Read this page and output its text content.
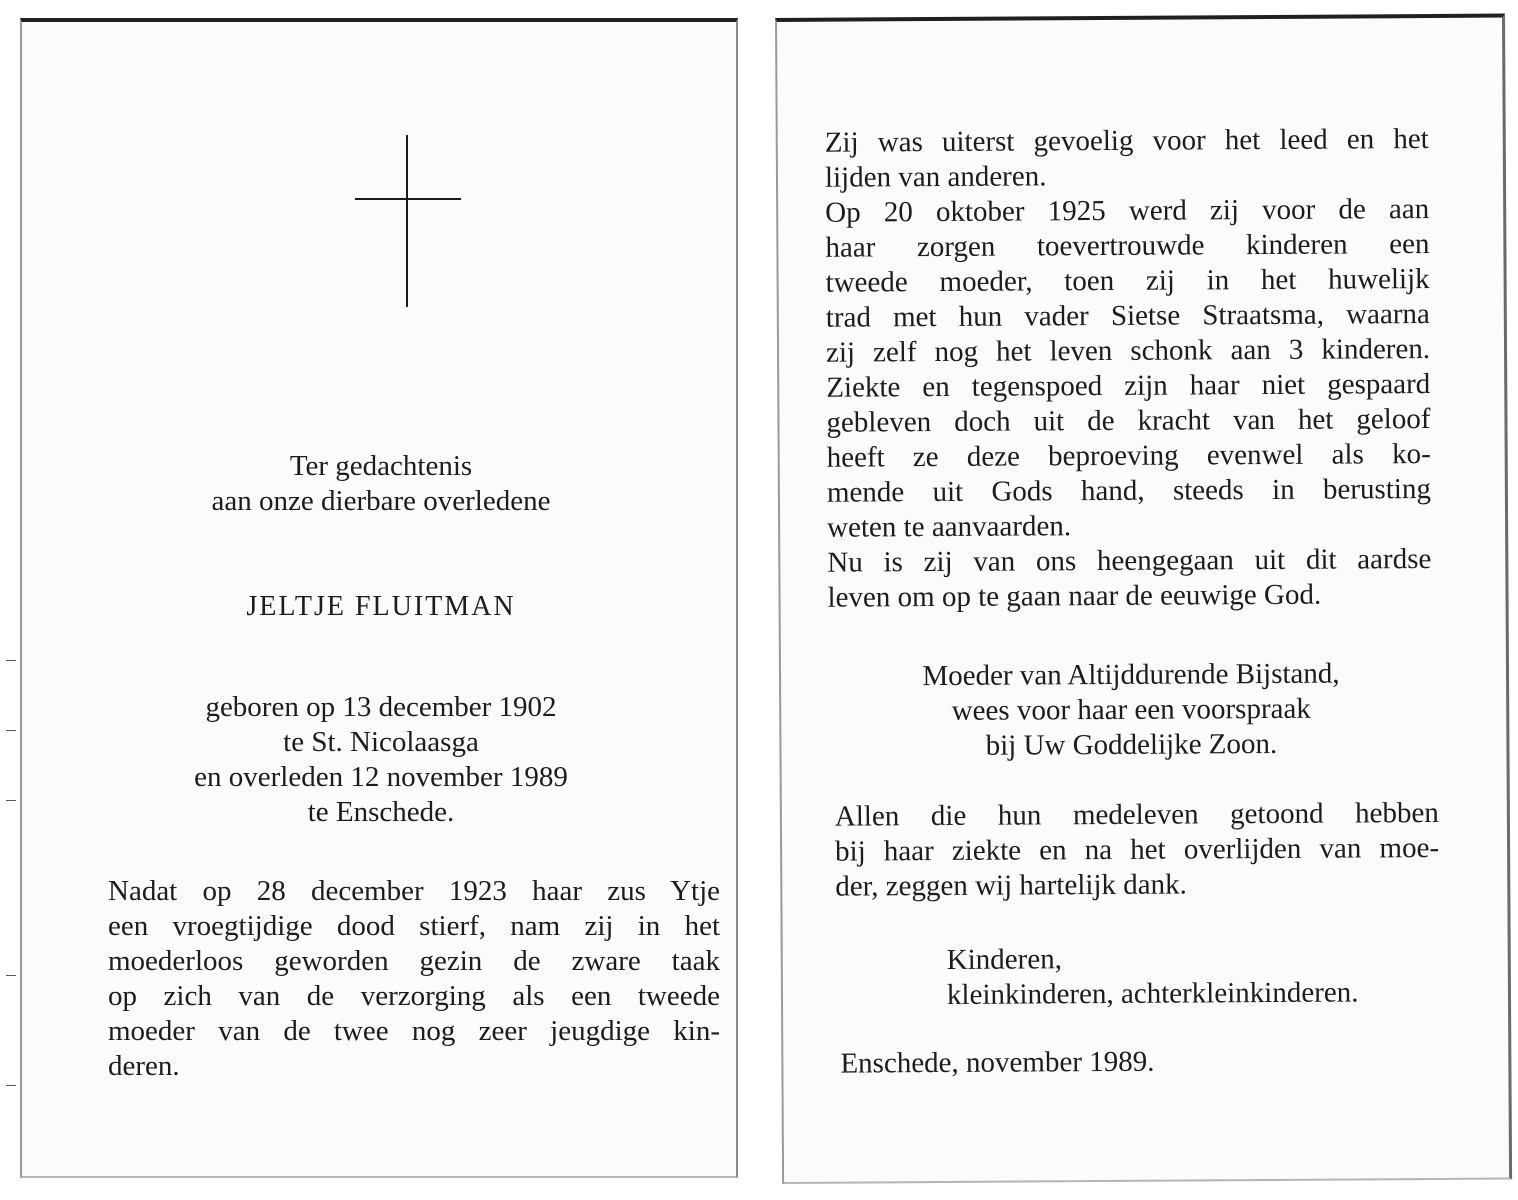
Ter gedachtenis

aan onze dierbare overledene

JELTJE FLUITMAN

geboren op 13 december 1902

te St. Nicolaasga

en overleden 12 november 1989

te Enschede.

Nadat op 28 december 1923 haar zus Ytje
een vroegtijdige dood stierf, nam zij in het
moederloos geworden gezin de zware taak
op zich van de verzorging als een tweede
moeder van de twee nog zeer jeugdige kin-
deren.
Zij was uiterst gevoelig voor het leed en het
lijden van anderen.
Op 20 oktober 1925 werd zij voor de aan
haar zorgen toevertrouwde kinderen een
tweede moeder, toen zij in het huwelijk
trad met hun vader Sietse Straatsma, waarna
zij zelf nog het leven schonk aan 3 kinderen.
Ziekte en tegenspoed zijn haar niet gespaard
gebleven doch uit de kracht van het geloof
heeft ze deze beproeving evenwel als ko-
mende uit Gods hand, steeds in berusting
weten te aanvaarden.
Nu is zij van ons heengegaan uit dit aardse
leven om op te gaan naar de eeuwige God.
Moeder van Altijddurende Bijstand,
wees voor haar een voorspraak
bij Uw Goddelijke Zoon.
Allen die hun medeleven getoond hebben
bij haar ziekte en na het overlijden van moe-
der, zeggen wij hartelijk dank.
Kinderen,
kleinkinderen, achterkleinkinderen.

Enschede, november 1989.
